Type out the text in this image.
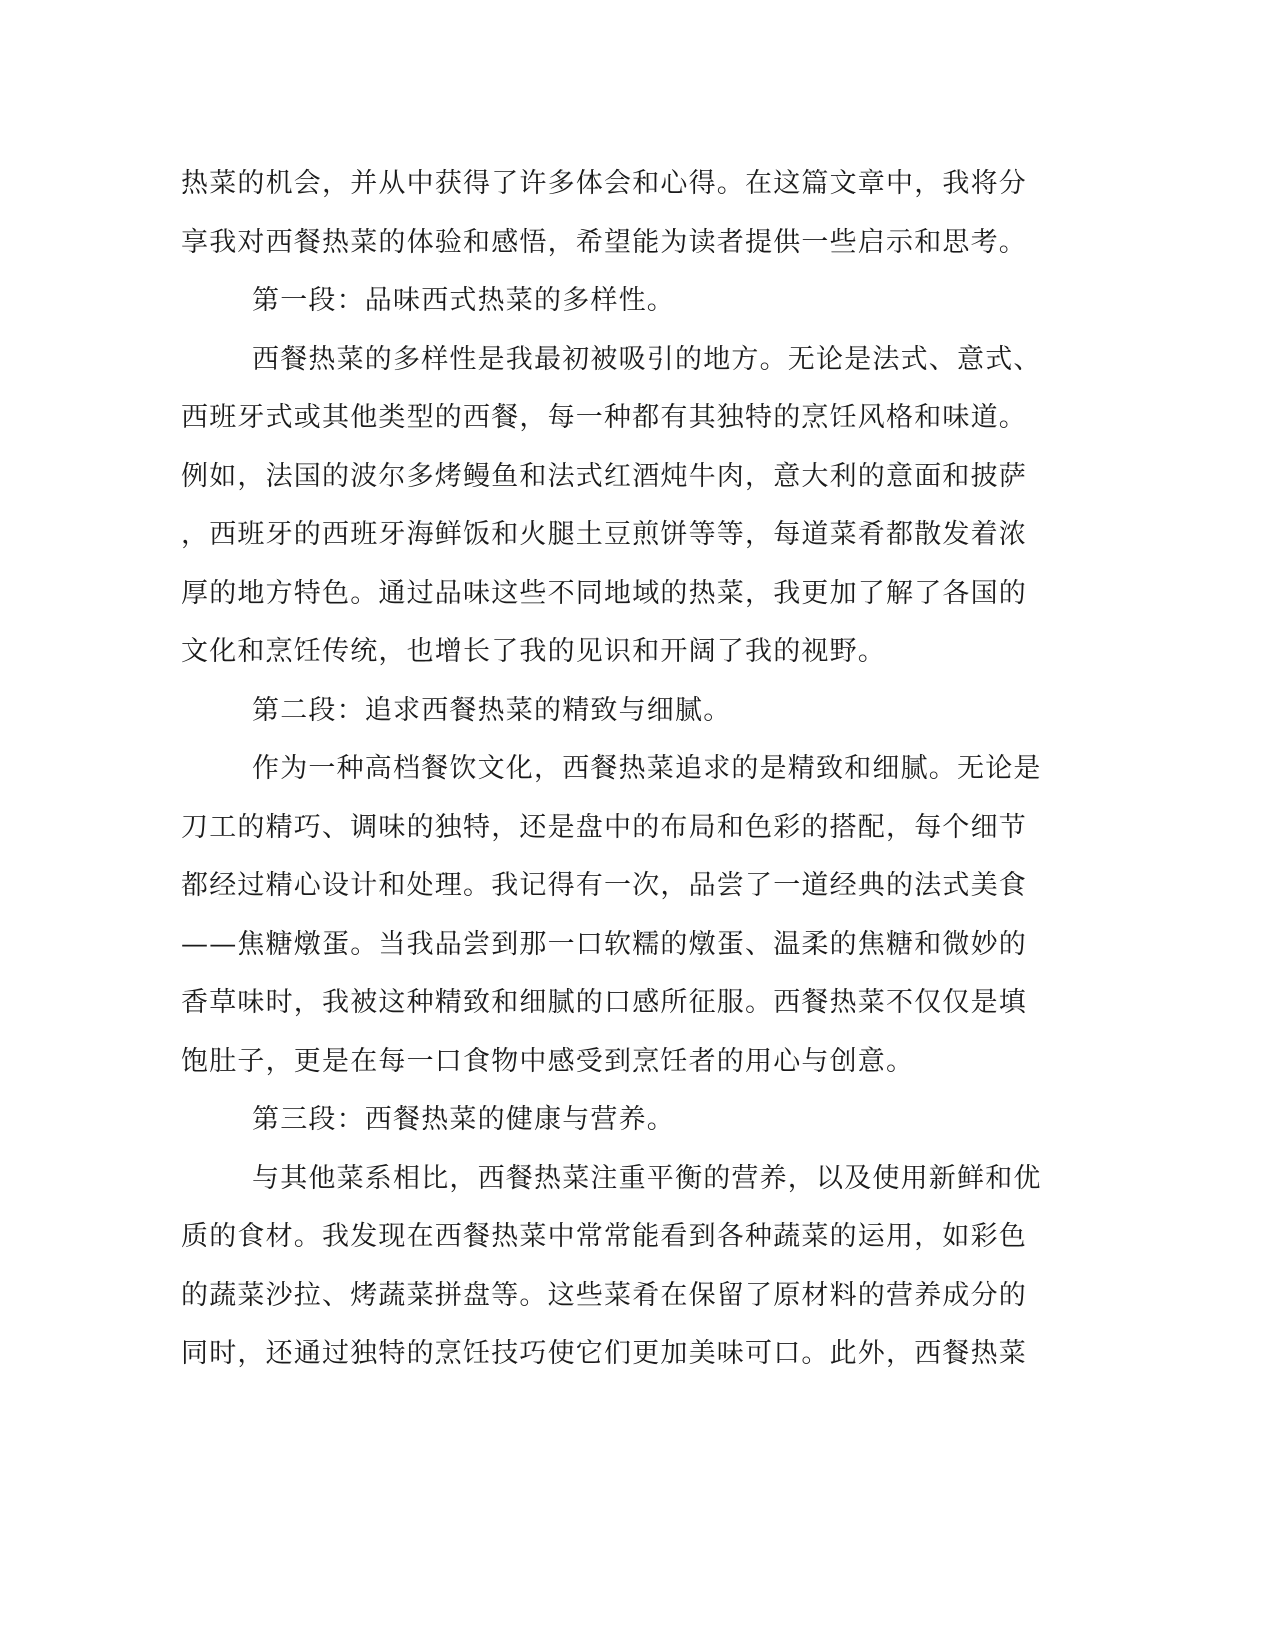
热菜的机会，并从中获得了许多体会和心得。在这篇文章中，我将分
享我对西餐热菜的体验和感悟，希望能为读者提供一些启示和思考。
第一段：品味西式热菜的多样性。
西餐热菜的多样性是我最初被吸引的地方。无论是法式、意式、
西班牙式或其他类型的西餐，每一种都有其独特的烹饪风格和味道。
例如，法国的波尔多烤鳗鱼和法式红酒炖牛肉，意大利的意面和披萨
，西班牙的西班牙海鲜饭和火腿土豆煎饼等等，每道菜肴都散发着浓
厚的地方特色。通过品味这些不同地域的热菜，我更加了解了各国的
文化和烹饪传统，也增长了我的见识和开阔了我的视野。
第二段：追求西餐热菜的精致与细腻。
作为一种高档餐饮文化，西餐热菜追求的是精致和细腻。无论是
刀工的精巧、调味的独特，还是盘中的布局和色彩的搭配，每个细节
都经过精心设计和处理。我记得有一次，品尝了一道经典的法式美食
——焦糖燉蛋。当我品尝到那一口软糯的燉蛋、温柔的焦糖和微妙的
香草味时，我被这种精致和细腻的口感所征服。西餐热菜不仅仅是填
饱肚子，更是在每一口食物中感受到烹饪者的用心与创意。
第三段：西餐热菜的健康与营养。
与其他菜系相比，西餐热菜注重平衡的营养，以及使用新鲜和优
质的食材。我发现在西餐热菜中常常能看到各种蔬菜的运用，如彩色
的蔬菜沙拉、烤蔬菜拼盘等。这些菜肴在保留了原材料的营养成分的
同时，还通过独特的烹饪技巧使它们更加美味可口。此外，西餐热菜
